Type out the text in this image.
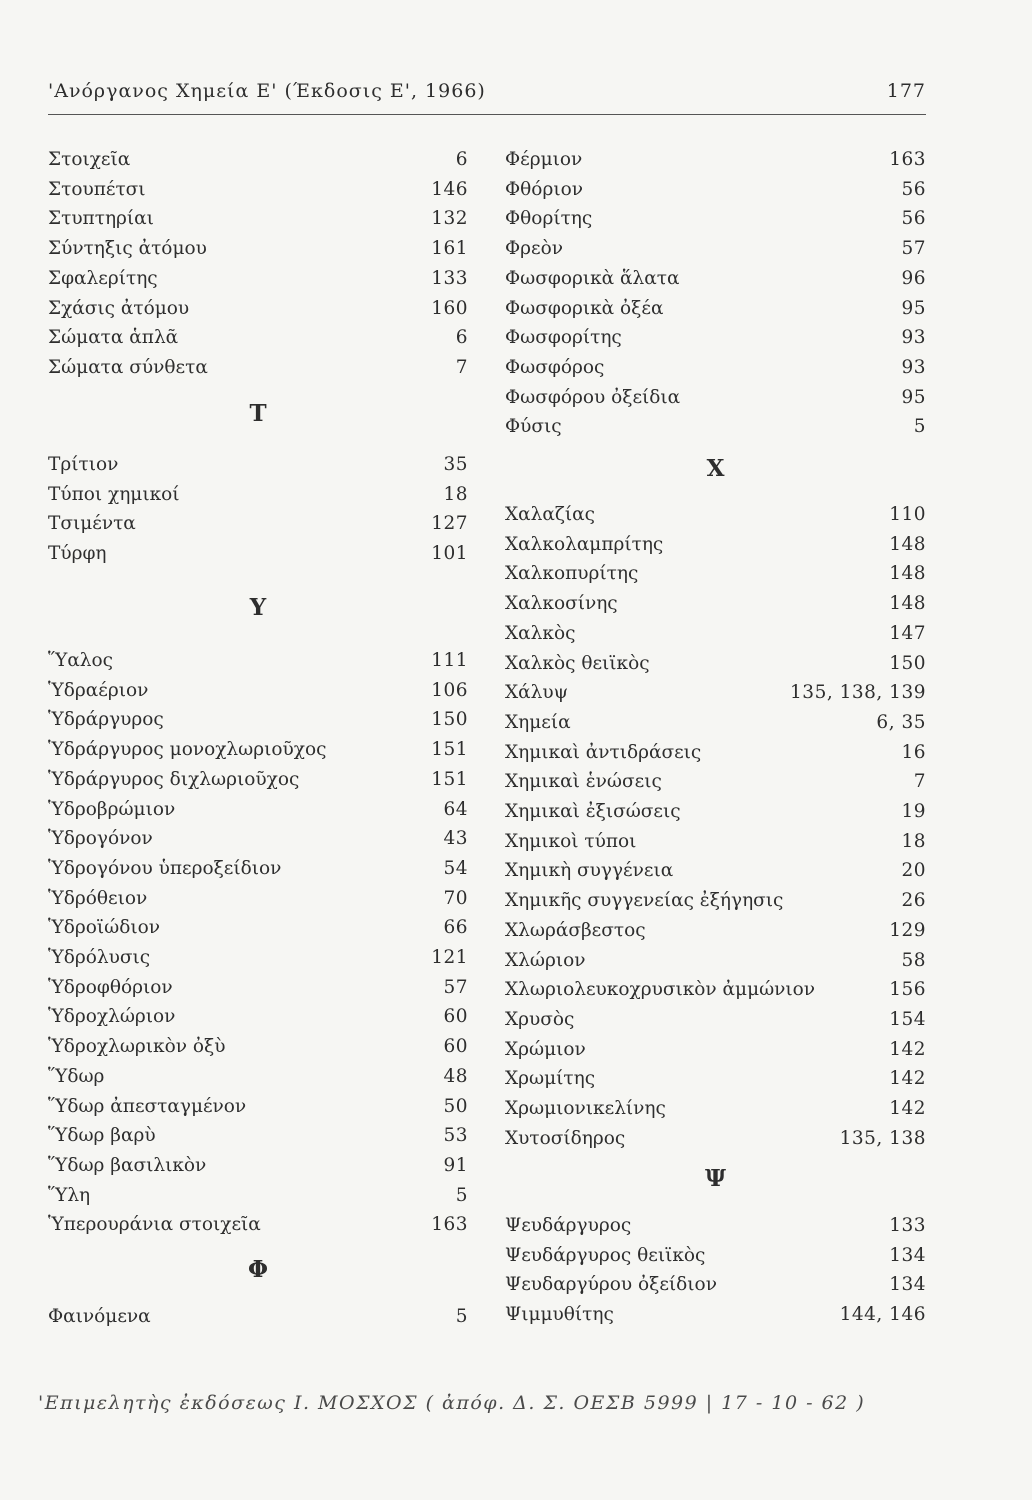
'Ανόργανος Χημεία Ε' (Έκδοσις Ε', 1966)	177
Στοιχεῖα	6
Στουπέτσι	146
Στυπτηρίαι	132
Σύντηξις ἀτόμου	161
Σφαλερίτης	133
Σχάσις ἀτόμου	160
Σώματα ἁπλᾶ	6
Σώματα σύνθετα	7
Τ
Τρίτιον	35
Τύποι χημικοί	18
Τσιμέντα	127
Τύρφη	101
Υ
Ὕαλος	111
Ὑδραέριον	106
Ὑδράργυρος	150
Ὑδράργυρος μονοχλωριοῦχος	151
Ὑδράργυρος διχλωριοῦχος	151
Ὑδροβρώμιον	64
Ὑδρογόνον	43
Ὑδρογόνου ὑπεροξείδιον	54
Ὑδρόθειον	70
Ὑδροϊώδιον	66
Ὑδρόλυσις	121
Ὑδροφθόριον	57
Ὑδροχλώριον	60
Ὑδροχλωρικὸν ὀξὺ	60
Ὕδωρ	48
Ὕδωρ ἀπεσταγμένον	50
Ὕδωρ βαρὺ	53
Ὕδωρ βασιλικὸν	91
Ὕλη	5
Ὑπερουράνια στοιχεῖα	163
Φ
Φαινόμενα	5
Φέρμιον	163
Φθόριον	56
Φθορίτης	56
Φρεὸν	57
Φωσφορικὰ ἅλατα	96
Φωσφορικὰ ὀξέα	95
Φωσφορίτης	93
Φωσφόρος	93
Φωσφόρου ὀξείδια	95
Φύσις	5
Χ
Χαλαζίας	110
Χαλκολαμπρίτης	148
Χαλκοπυρίτης	148
Χαλκοσίνης	148
Χαλκὸς	147
Χαλκὸς θειϊκὸς	150
Χάλυψ	135, 138, 139
Χημεία	6, 35
Χημικαὶ ἀντιδράσεις	16
Χημικαὶ ἑνώσεις	7
Χημικαὶ ἐξισώσεις	19
Χημικοὶ τύποι	18
Χημικὴ συγγένεια	20
Χημικῆς συγγενείας ἐξήγησις	26
Χλωράσβεστος	129
Χλώριον	58
Χλωριολευκοχρυσικὸν ἀμμώνιον	156
Χρυσὸς	154
Χρώμιον	142
Χρωμίτης	142
Χρωμιονικελίνης	142
Χυτοσίδηρος	135, 138
Ψ
Ψευδάργυρος	133
Ψευδάργυρος θειϊκὸς	134
Ψευδαργύρου ὀξείδιον	134
Ψιμμυθίτης	144, 146
'Επιμελητὴς ἐκδόσεως Ι. ΜΟΣΧΟΣ ( ἀπόφ. Δ. Σ. ΟΕΣΒ 5999 | 17 - 10 - 62 )
